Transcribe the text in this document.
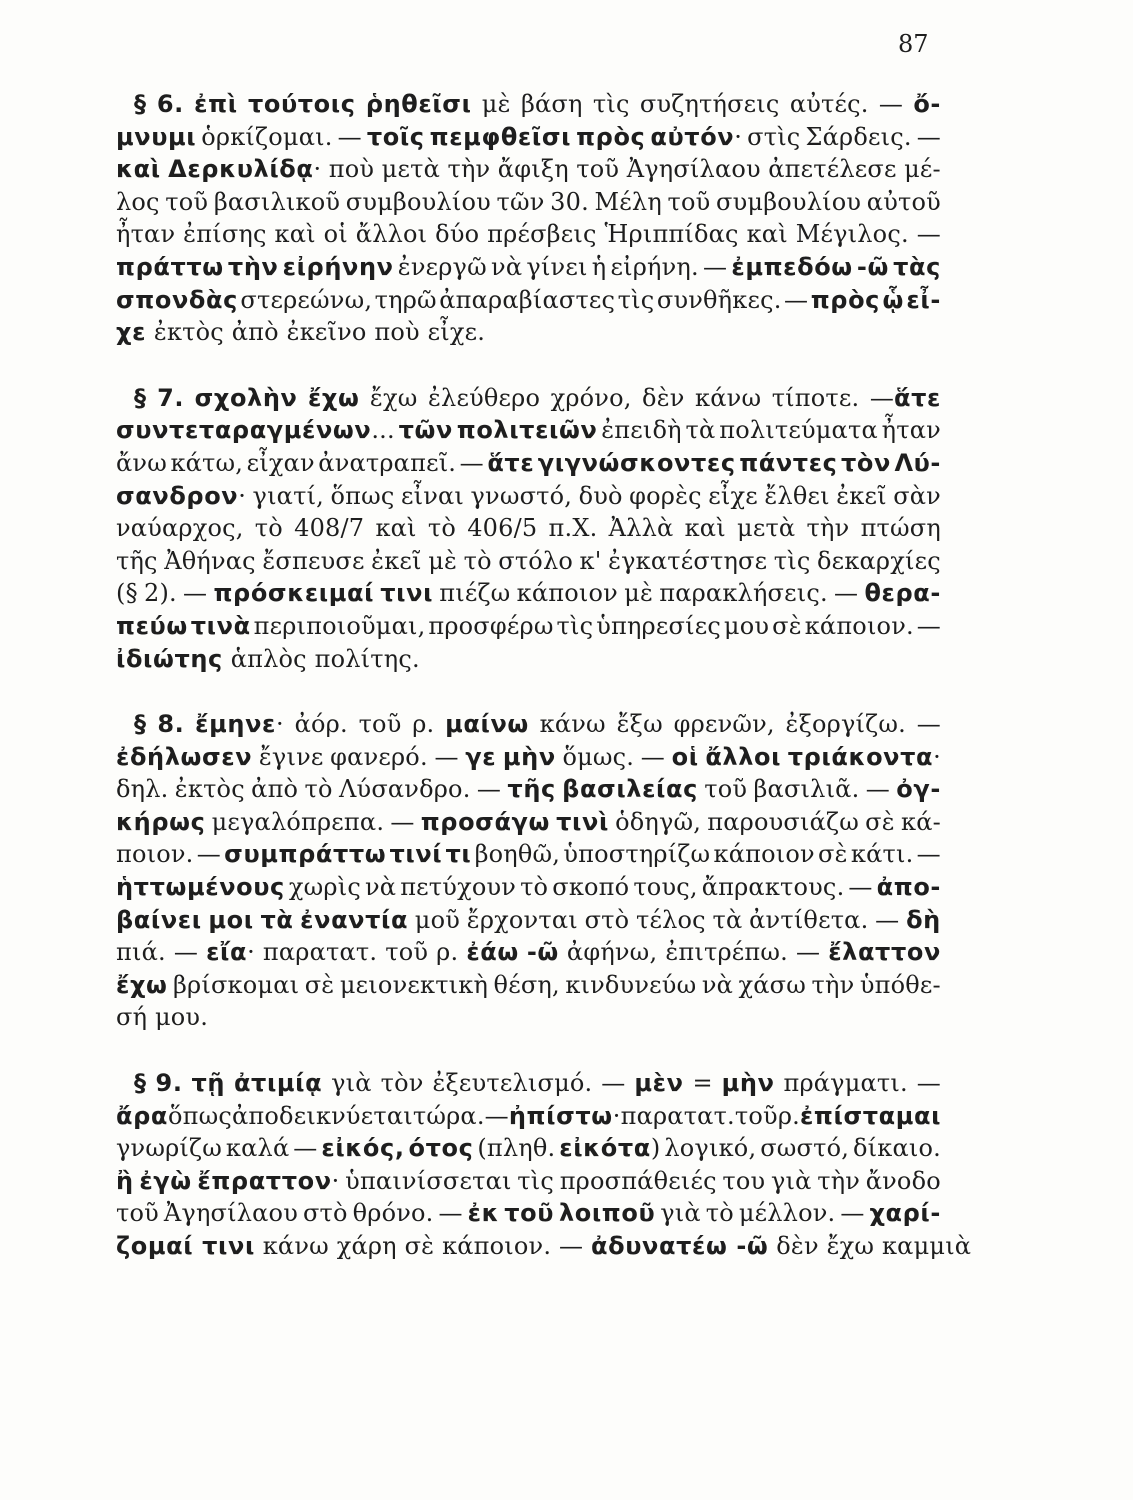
87
§ 6. ἐπὶ τούτοις ῥηθεῖσι μὲ βάση τὶς συζητήσεις αὐτές. — ὄ-
μνυμι ὁρκίζομαι. — τοῖς πεμφθεῖσι πρὸς αὐτόν· στὶς Σάρδεις. —
καὶ Δερκυλίδᾳ· ποὺ μετὰ τὴν ἄφιξη τοῦ Ἀγησίλαου ἀπετέλεσε μέ-
λος τοῦ βασιλικοῦ συμβουλίου τῶν 30. Μέλη τοῦ συμβουλίου αὐτοῦ
ἦταν ἐπίσης καὶ οἱ ἄλλοι δύο πρέσβεις Ἡριππίδας καὶ Μέγιλος. —
πράττω τὴν εἰρήνην ἐνεργῶ νὰ γίνει ἡ εἰρήνη. — ἐμπεδόω -ῶ τὰς
σπονδὰς στερεώνω, τηρῶ ἀπαραβίαστες τὶς συνθῆκες. — πρὸς ᾧ εἶ-
χε ἐκτὸς ἀπὸ ἐκεῖνο ποὺ εἶχε.
§ 7. σχολὴν ἔχω ἔχω ἐλεύθερο χρόνο, δὲν κάνω τίποτε. —ἅτε
συντεταραγμένων... τῶν πολιτειῶν ἐπειδὴ τὰ πολιτεύματα ἦταν
ἄνω κάτω, εἶχαν ἀνατραπεῖ. — ἅτε γιγνώσκοντες πάντες τὸν Λύ-
σανδρον· γιατί, ὅπως εἶναι γνωστό, δυὸ φορὲς εἶχε ἔλθει ἐκεῖ σὰν
ναύαρχος, τὸ 408/7 καὶ τὸ 406/5 π.Χ. Ἀλλὰ καὶ μετὰ τὴν πτώση
τῆς Ἀθήνας ἔσπευσε ἐκεῖ μὲ τὸ στόλο κ' ἐγκατέστησε τὶς δεκαρχίες
(§ 2). — πρόσκειμαί τινι πιέζω κάποιον μὲ παρακλήσεις. — θερα-
πεύω τινὰ περιποιοῦμαι, προσφέρω τὶς ὑπηρεσίες μου σὲ κάποιον. —
ἰδιώτης ἁπλὸς πολίτης.
§ 8. ἔμηνε· ἀόρ. τοῦ ρ. μαίνω κάνω ἔξω φρενῶν, ἐξοργίζω. —
ἐδήλωσεν ἔγινε φανερό. — γε μὴν ὅμως. — οἱ ἄλλοι τριάκοντα·
δηλ. ἐκτὸς ἀπὸ τὸ Λύσανδρο. — τῆς βασιλείας τοῦ βασιλιᾶ. — ὀγ-
κήρως μεγαλόπρεπα. — προσάγω τινὶ ὁδηγῶ, παρουσιάζω σὲ κά-
ποιον. — συμπράττω τινί τι βοηθῶ, ὑποστηρίζω κάποιον σὲ κάτι. —
ἡττωμένους χωρὶς νὰ πετύχουν τὸ σκοπό τους, ἄπρακτους. — ἀπο-
βαίνει μοι τὰ ἐναντία μοῦ ἔρχονται στὸ τέλος τὰ ἀντίθετα. — δὴ
πιά. — εἴα· παρατατ. τοῦ ρ. ἐάω -ῶ ἀφήνω, ἐπιτρέπω. — ἔλαττον
ἔχω βρίσκομαι σὲ μειονεκτικὴ θέση, κινδυνεύω νὰ χάσω τὴν ὑπόθε-
σή μου.
§ 9. τῇ ἀτιμίᾳ γιὰ τὸν ἐξευτελισμό. — μὲν = μὴν πράγματι. —
ἄρα ὅπως ἀποδεικνύεται τώρα. — ἠπίστω· παρατατ. τοῦ ρ. ἐπίσταμαι
γνωρίζω καλά — εἰκός, ότος (πληθ. εἰκότα) λογικό, σωστό, δίκαιο.
ἢ ἐγὼ ἔπραττον· ὑπαινίσσεται τὶς προσπάθειές του γιὰ τὴν ἄνοδο
τοῦ Ἀγησίλαου στὸ θρόνο. — ἐκ τοῦ λοιποῦ γιὰ τὸ μέλλον. — χαρί-
ζομαί τινι κάνω χάρη σὲ κάποιον. — ἀδυνατέω -ῶ δὲν ἔχω καμμιὰ
